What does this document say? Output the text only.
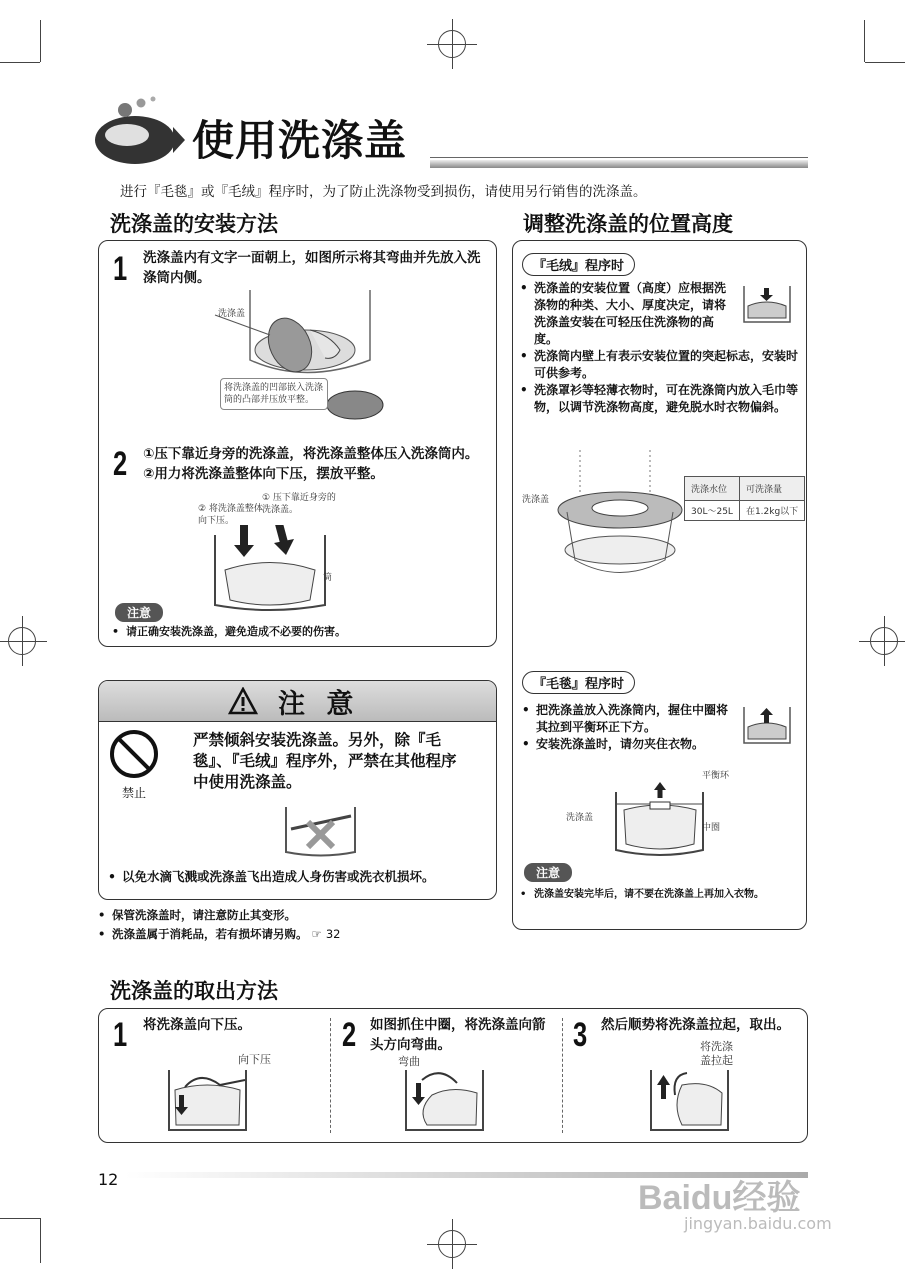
使用洗涤盖
进行『毛毯』或『毛绒』程序时，为了防止洗涤物受到损伤，请使用另行销售的洗涤盖。
洗涤盖的安装方法
1 洗涤盖内有文字一面朝上，如图所示将其弯曲并先放入洗涤筒内侧。
洗涤盖
将洗涤盖的凹部嵌入洗涤筒的凸部并压放平整。
2 ①压下靠近身旁的洗涤盖，将洗涤盖整体压入洗涤筒内。
②用力将洗涤盖整体向下压，摆放平整。
① 压下靠近身旁的洗涤盖。
② 将洗涤盖整体向下压。
筒
注意
• 请正确安装洗涤盖，避免造成不必要的伤害。
注 意
禁止
严禁倾斜安装洗涤盖。另外，除『毛毯』、『毛绒』程序外，严禁在其他程序中使用洗涤盖。
• 以免水滴飞溅或洗涤盖飞出造成人身伤害或洗衣机损坏。
• 保管洗涤盖时，请注意防止其变形。
• 洗涤盖属于消耗品，若有损坏请另购。 ☞ 32
调整洗涤盖的位置高度
『毛绒』程序时
• 洗涤盖的安装位置（高度）应根据洗涤物的种类、大小、厚度决定，请将洗涤盖安装在可轻压住洗涤物的高度。
• 洗涤筒内壁上有表示安装位置的突起标志，安装时可供参考。
• 洗涤罩衫等轻薄衣物时，可在洗涤筒内放入毛巾等物，以调节洗涤物高度，避免脱水时衣物偏斜。
洗涤盖
洗涤水位	可洗涤量
30L～25L	在1.2kg以下
『毛毯』程序时
• 把洗涤盖放入洗涤筒内，握住中圈将其拉到平衡环正下方。
• 安装洗涤盖时，请勿夹住衣物。
平衡环
洗涤盖
中圈
注意
• 洗涤盖安装完毕后，请不要在洗涤盖上再加入衣物。
洗涤盖的取出方法
1 将洗涤盖向下压。
向下压
2 如图抓住中圈，将洗涤盖向箭头方向弯曲。
弯曲
3 然后顺势将洗涤盖拉起，取出。
将洗涤盖拉起
12	Baidu经验
jingyan.baidu.com
